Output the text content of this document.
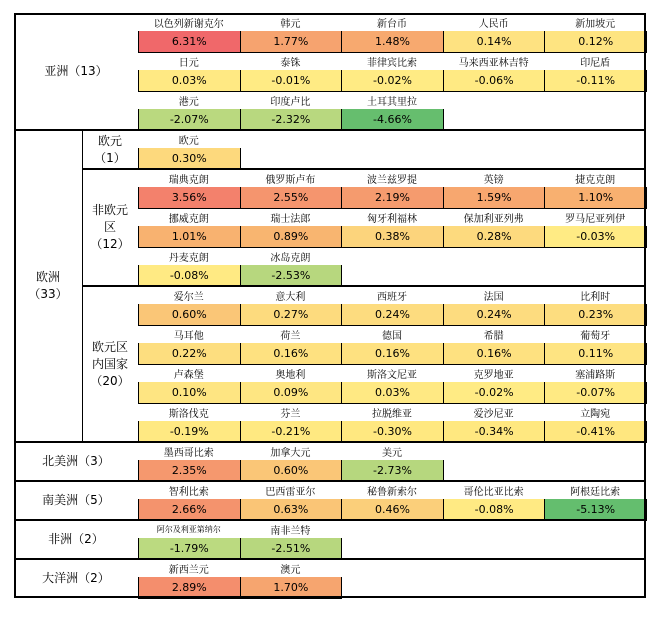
以色列新谢克尔
6.31%
韩元
1.77%
新台币
1.48%
人民币
0.14%
新加坡元
0.12%
日元
0.03%
泰铢
-0.01%
菲律宾比索
-0.02%
马来西亚林吉特
-0.06%
印尼盾
-0.11%
港元
-2.07%
印度卢比
-2.32%
土耳其里拉
-4.66%
亚洲（13）
欧元
0.30%
欧元
（1）
瑞典克朗
3.56%
俄罗斯卢布
2.55%
波兰兹罗提
2.19%
英镑
1.59%
捷克克朗
1.10%
挪威克朗
1.01%
瑞士法郎
0.89%
匈牙利福林
0.38%
保加利亚列弗
0.28%
罗马尼亚列伊
-0.03%
丹麦克朗
-0.08%
冰岛克朗
-2.53%
非欧元
区
（12）
爱尔兰
0.60%
意大利
0.27%
西班牙
0.24%
法国
0.24%
比利时
0.23%
马耳他
0.22%
荷兰
0.16%
德国
0.16%
希腊
0.16%
葡萄牙
0.11%
卢森堡
0.10%
奥地利
0.09%
斯洛文尼亚
0.03%
克罗地亚
-0.02%
塞浦路斯
-0.07%
斯洛伐克
-0.19%
芬兰
-0.21%
拉脱维亚
-0.30%
爱沙尼亚
-0.34%
立陶宛
-0.41%
欧元区
内国家
（20）
欧洲
（33）
墨西哥比索
2.35%
加拿大元
0.60%
美元
-2.73%
北美洲（3）
智利比索
2.66%
巴西雷亚尔
0.63%
秘鲁新索尔
0.46%
哥伦比亚比索
-0.08%
阿根廷比索
-5.13%
南美洲（5）
阿尔及利亚第纳尔
-1.79%
南非兰特
-2.51%
非洲（2）
新西兰元
2.89%
澳元
1.70%
大洋洲（2）
